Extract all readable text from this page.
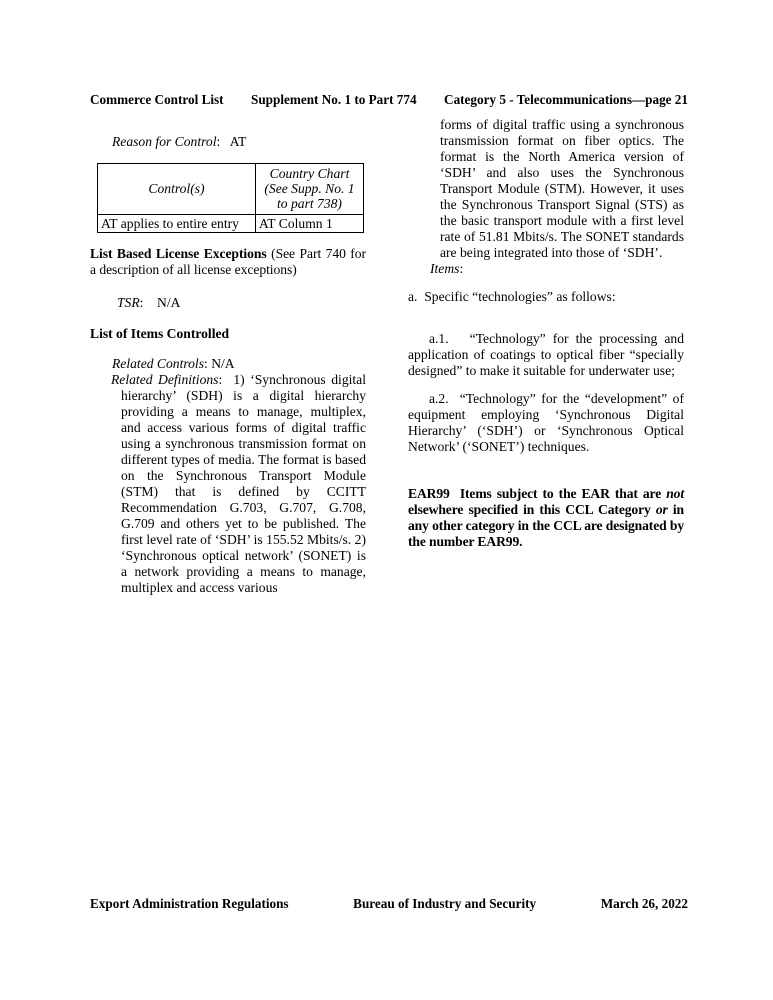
Commerce Control List Supplement No. 1 to Part 774 Category 5 - Telecommunications—page 21

Reason for Control:   AT

Control(s)	Country Chart (See Supp. No. 1 to part 738)
AT applies to entire entry	AT Column 1

List Based License Exceptions (See Part 740 for a description of all license exceptions)

TSR:    N/A

List of Items Controlled

Related Controls: N/A

Related Definitions:  1) ‘Synchronous digital hierarchy’ (SDH) is a digital hierarchy providing a means to manage, multiplex, and access various forms of digital traffic using a synchronous transmission format on different types of media. The format is based on the Synchronous Transport Module (STM) that is defined by CCITT Recommendation G.703, G.707, G.708, G.709 and others yet to be published. The first level rate of ‘SDH’ is 155.52 Mbits/s. 2) ‘Synchronous optical network’ (SONET) is a network providing a means to manage, multiplex and access various

forms of digital traffic using a synchronous transmission format on fiber optics. The format is the North America version of ‘SDH’ and also uses the Synchronous Transport Module (STM). However, it uses the Synchronous Transport Signal (STS) as the basic transport module with a first level rate of 51.81 Mbits/s. The SONET standards are being integrated into those of ‘SDH’.

Items:

a.  Specific “technologies” as follows:

a.1.   “Technology” for the processing and application of coatings to optical fiber “specially designed” to make it suitable for underwater use;

a.2.  “Technology” for the “development” of equipment employing ‘Synchronous Digital Hierarchy’ (‘SDH’) or ‘Synchronous Optical Network’ (‘SONET’) techniques.

EAR99  Items subject to the EAR that are not elsewhere specified in this CCL Category or in any other category in the CCL are designated by the number EAR99.

Export Administration Regulations	Bureau of Industry and Security	March 26, 2022
